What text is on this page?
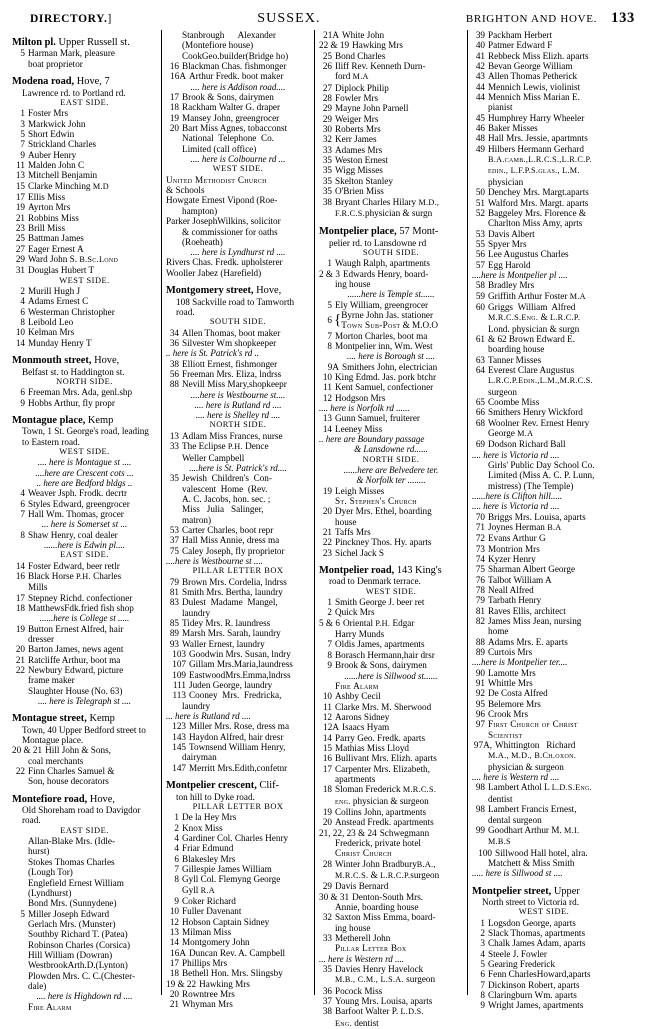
DIRECTORY.]	SUSSEX.	BRIGHTON AND HOVE. 133
Milton pl. Upper Russell st.
5 Harman Mark, pleasure
boat proprietor
Modena road, Hove, 7
Lawrence rd. to Portland rd.
EAST SIDE.
1 Foster Mrs
3 Markwick John
5 Short Edwin
7 Strickland Charles
9 Auber Henry
11 Malden John C
13 Mitchell Benjamin
15 Clarke Minching M.D
17 Ellis Miss
19 Ayrton Mrs
21 Robbins Miss
23 Brill Miss
25 Battman James
27 Eager Ernest A
29 Ward John S. B.Sc.Lond
31 Douglas Hubert T
WEST SIDE.
2 Murill Hugh J
4 Adams Ernest C
6 Westerman Christopher
8 Leibold Leo
10 Kelman Mrs
14 Munday Henry T
Monmouth street, Hove,
Belfast st. to Haddington st.
NORTH SIDE.
6 Freeman Mrs. Ada, genl.shp
9 Hobbs Arthur, fly propr
Montague place, Kemp
Town, 1 St. George's road, leading to Eastern road.
WEST SIDE.
.... here is Montague st ....
....here are Crescent cots ...
.. here are Bedford bldgs ..
4 Weaver Jsph. Frodk. decrtr
6 Styles Edward, greengrocer
7 Hall Wm. Thomas, grocer
... here is Somerset st ...
8 Shaw Henry, coal dealer
......here is Edwin pl....
EAST SIDE.
14 Foster Edward, beer retlr
16 Black Horse P.H. Charles
Mills
17 Stepney Richd. confectioner
18 MatthewsFdk.fried fish shop
......here is College st .....
19 Button Ernest Alfred, hair
dresser
20 Barton James, news agent
21 Ratcliffe Arthur, boot ma
22 Newbury Edward, picture
frame maker
Slaughter House (No. 63)
.... here is Telegraph st ....
Montague street, Kemp
Town, 40 Upper Bedford street to Montague place.
20 & 21 Hill John & Sons,
coal merchants
22 Finn Charles Samuel &
Son, house decorators
Montefiore road, Hove,
Old Shoreham road to Davigdor road.
EAST SIDE.
Allan-Blake Mrs. (Idle-
hurst)
Stokes Thomas Charles
(Lough Tor)
Englefield Ernest William
(Lyndhurst)
Bond Mrs. (Sunnydene)
5 Miller Joseph Edward
Gerlach Mrs. (Munster)
Southby Richard T. (Patea)
Robinson Charles (Corsica)
Hill William (Dowran)
WestbrookArth.D.(Lynton)
Plowden Mrs. C. C.(Chester-
dale)
.... here is Highdown rd ....
Fire Alarm
Stanbrough      Alexander
(Montefiore house)
CookGeo.builder(Bridge ho)
16 Blackman Chas. fishmonger
16A Arthur Fredk. boot maker
.... here is Addison road....
17 Brook & Sons, dairymen
18 Rackham Walter G. draper
19 Mansey John, greengrocer
20 Bart Miss Agnes, tobacconst
National  Telephone  Co.
Limited (call office)
.... here is Colbourne rd ...
WEST SIDE.
United Methodist Church
& Schools
Howgate Ernest Vipond (Roe-
hampton)
Parker JosephWilkins, solicitor
& commissioner for oaths
(Roeheath)
.... here is Lyndhurst rd ....
Rivers Chas. Fredk. upholsterer
Wooller Jabez (Harefield)
Montgomery street, Hove,
108 Sackville road to Tamworth road.
SOUTH SIDE.
34 Allen Thomas, boot maker
36 Silvester Wm shopkeeper
.. here is St. Patrick's rd ..
38 Elliott Ernest, fishmonger
56 Freeman Mrs. Eliza, lndrss
88 Nevill Miss Mary,shopkeepr
....here is Westbourne st....
.... here is Rutland rd ....
.... here is Shelley rd ....
NORTH SIDE.
13 Adlam Miss Frances, nurse
33 The Eclipse P.H. Dence
Weller Campbell
....here is St. Patrick's rd....
35 Jewish  Children's  Con-
valescent  Home  (Rev.
A. C. Jacobs, hon. sec. ;
Miss   Julia   Salinger,
matron)
53 Carter Charles, boot repr
37 Hall Miss Annie, dress ma
75 Caley Joseph, fly proprietor
....here is Westbourne st ....
PILLAR LETTER BOX
79 Brown Mrs. Cordelia, lndrss
81 Smith Mrs. Bertha, laundry
83 Dulest  Madame  Mangel,
laundry
85 Tidey Mrs. R. laundress
89 Marsh Mrs. Sarah, laundry
93 Waller Ernest, laundry
103 Goodwin Mrs. Susan, lndry
107 Gillam Mrs.Maria,laundress
109 EastwoodMrs.Emma,lndrss
111 Juden George, laundry
113 Cooney  Mrs.  Fredricka,
laundry
... here is Rutland rd ....
123 Miller Mrs. Rose, dress ma
143 Haydon Alfred, hair dresr
145 Townsend William Henry,
dairyman
147 Merritt Mrs.Edith,confetnr
Montpelier crescent, Clif-
ton hill to Dyke road.
PILLAR LETTER BOX
1 De la Hey Mrs
2 Knox Miss
4 Gardiner Col. Charles Henry
4 Friar Edmund
6 Blakesley Mrs
7 Gillespie James William
8 Gyll Col. Flemyng George
Gyll R.A
9 Coker Richard
10 Fuller Davenant
12 Hobson Captain Sidney
13 Milman Miss
14 Montgomery John
16A Duncan Rev. A. Campbell
17 Phillips Mrs
18 Bethell Hon. Mrs. Slingsby
19 & 22 Hawking Mrs
20 Rowntree Mrs
21 Whyman Mrs
21A White John
22 & 19 Hawking Mrs
25 Bond Charles
26 Iliff Rev. Kenneth Durn-
ford M.A
27 Diplock Philip
28 Fowler Mrs
29 Mayne John Parnell
29 Weiger Mrs
30 Roberts Mrs
32 Kerr James
33 Adames Mrs
35 Weston Ernest
35 Wigg Misses
35 Skelton Stanley
35 O'Brien Miss
38 Bryant Charles Hilary M.D.,
F.R.C.S.physician & surgn
Montpelier place, 57 Mont-
pelier rd. to Lansdowne rd
SOUTH SIDE.
1 Waugh Ralph, apartments
2 & 3 Edwards Henry, board-
ing house
......here is Temple st......
5 Ely William, greengrocer
6 { Byrne John Jas. stationer
Town Sub-Post & M.O.O
7 Morton Charles, boot ma
8 Montpelier inn, Wm. West
.... here is Borough st ....
9A Smithers John, electrician
10 King Edmd. Jas. pork btchr
11 Kent Samuel, confectioner
12 Hodgson Mrs
.... here is Norfolk rd ......
13 Gunn Samuel, fruiterer
14 Leeney Miss
.. here are Boundary passage
& Lansdowne rd......
NORTH SIDE.
......here are Belvedere ter.
& Norfolk ter ........
19 Leigh Misses
St. Stephen's Church
20 Dyer Mrs. Ethel, boarding
house
21 Taffs Mrs
22 Pinckney Thos. Hy. aparts
23 Sichel Jack S
Montpelier road, 143 King's
road to Denmark terrace.
WEST SIDE.
1 Smith George J. beer ret
2 Quick Mrs
5 & 6 Oriental P.H. Edgar
Harry Munds
7 Oldis James, apartments
8 Borasch Hermann,hair drsr
9 Brook & Sons, dairymen
......here is Sillwood st......
Fire Alarm
10 Ashby Cecil
11 Clarke Mrs. M. Sherwood
12 Aarons Sidney
12A Isaacs Hyam
14 Parry Geo. Fredk. aparts
15 Mathias Miss Lloyd
16 Bullivant Mrs. Elizh. aparts
17 Carpenter Mrs. Elizabeth,
apartments
18 Sloman Frederick M.R.C.S.
eng. physician & surgeon
19 Collins John, apartments
20 Anstead Fredk. apartments
21, 22, 23 & 24 Schwegmann
Frederick, private hotel
Christ Church
28 Winter John BradburyB.A.,
M.R.C.S. & L.R.C.P.surgeon
29 Davis Bernard
30 & 31 Denton-South Mrs.
Annie, boarding house
32 Saxton Miss Emma, board-
ing house
33 Metherell John
Pillar Letter Box
... here is Western rd ....
35 Davies Henry Havelock
M.B., C.M., L.S.A. surgeon
36 Pocock Miss
37 Young Mrs. Louisa, aparts
38 Barfoot Walter P. L.D.S.
Eng. dentist
39 Packham Herbert
40 Patmer Edward F
41 Rebbeck Miss Elizh. aparts
42 Bevan George William
43 Allen Thomas Petherick
44 Mennich Lewis, violinist
44 Mennich Miss Marian E.
pianist
45 Humphrey Harry Wheeler
46 Baker Misses
48 Hall Mrs. Jessie, apartmnts
49 Hilbers Hermann Gerhard
B.A.camb.,L.R.C.S.,L.R.C.P.
edin., L.F.P.S.glas., L.M.
physician
50 Denchey Mrs. Margt.aparts
51 Walford Mrs. Margt. aparts
52 Baggeley Mrs. Florence &
Charlton Miss Amy, aprts
53 Davis Albert
55 Spyer Mrs
56 Lee Augustus Charles
57 Egg Harold
....here is Montpelier pl ....
58 Bradley Mrs
59 Griffith Arthur Foster M.A
60 Griggs  William  Alfred
M.R.C.S.Eng. & L.R.C.P.
Lond. physician & surgn
61 & 62 Brown Edward E.
boarding house
63 Tanner Misses
64 Everest Clare Augustus
L.R.C.P.Edin.,L.M.,M.R.C.S.
surgeon
65 Coombe Miss
66 Smithers Henry Wickford
68 Woolner Rev. Ernest Henry
George M.A
69 Dodson Richard Ball
.... here is Victoria rd ....
Girls' Public Day School Co.
Limited (Miss A. C. P. Lunn,
mistress) (The Temple)
......here is Clifton hill.....
.... here is Victoria rd ....
70 Briggs Mrs. Louisa, aparts
71 Joynes Herman B.A
72 Evans Arthur G
73 Montrion Mrs
74 Kyzer Henry
75 Sharman Albert George
76 Talbot William A
78 Neall Alfred
79 Tarbath Henry
81 Raves Ellis, architect
82 James Miss Jean, nursing
home
88 Adams Mrs. E. aparts
89 Curtois Mrs
....here is Montpelier ter....
90 Lamotte Mrs
91 Whittle Mrs
92 De Costa Alfred
95 Belemore Mrs
96 Crook Mrs
97 First Church of Christ
Scientist
97A, Whittington   Richard
M.A., M.D., B.Ch.oxon.
physician & surgeon
.... here is Western rd ....
98 Lambert Athol L L.D.S.Eng.
dentist
98 Lambert Francis Ernest,
dental surgeon
99 Goodhart Arthur M. M.I.
M.B.S
100 Sillwood Hall hotel, alra.
Matchett & Miss Smith
..... here is Sillwood st ....
Montpelier street, Upper
North street to Victoria rd.
WEST SIDE.
1 Logsdon George, aparts
2 Slack Thomas, apartments
3 Chalk James Adam, aparts
4 Steele J. Fowler
5 Gearing Frederick
6 Fenn CharlesHoward,aparts
7 Dickinson Robert, aparts
8 Claringburn Wm. aparts
9 Wright James, apartments
